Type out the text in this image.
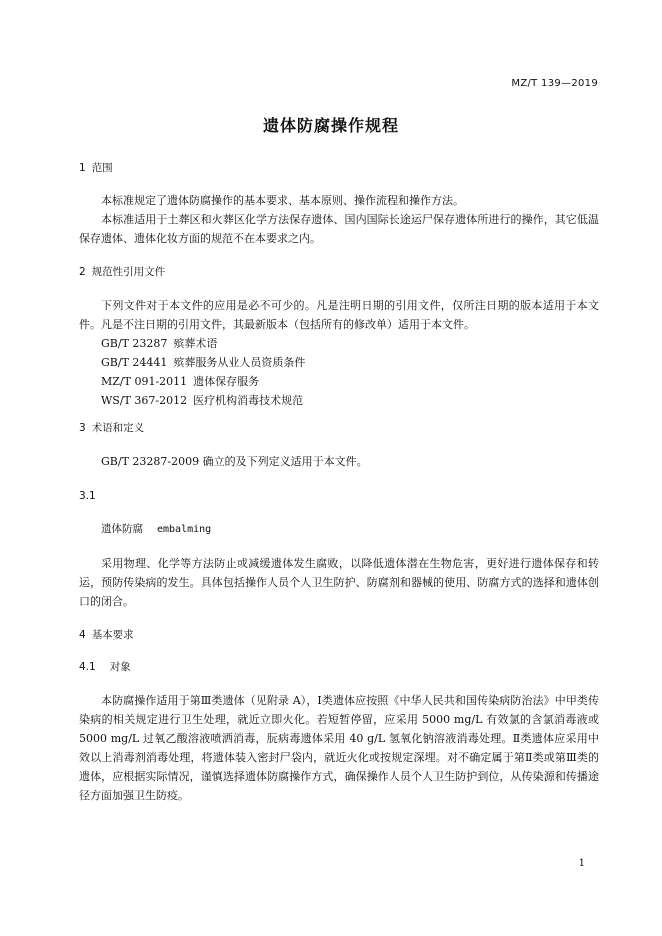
MZ/T 139—2019
遗体防腐操作规程
1 范围
本标准规定了遗体防腐操作的基本要求、基本原则、操作流程和操作方法。
本标准适用于土葬区和火葬区化学方法保存遗体、国内国际长途运尸保存遗体所进行的操作，其它低温保存遗体、遗体化妆方面的规范不在本要求之内。
2 规范性引用文件
下列文件对于本文件的应用是必不可少的。凡是注明日期的引用文件，仅所注日期的版本适用于本文件。凡是不注日期的引用文件，其最新版本（包括所有的修改单）适用于本文件。
GB/T 23287 殡葬术语
GB/T 24441 殡葬服务从业人员资质条件
MZ/T 091-2011 遗体保存服务
WS/T 367-2012 医疗机构消毒技术规范
3 术语和定义
GB/T 23287-2009 确立的及下列定义适用于本文件。
3.1
遗体防腐 embalming
采用物理、化学等方法防止或减缓遗体发生腐败，以降低遗体潜在生物危害，更好进行遗体保存和转运，预防传染病的发生。具体包括操作人员个人卫生防护、防腐剂和器械的使用、防腐方式的选择和遗体创口的闭合。
4 基本要求
4.1 对象
本防腐操作适用于第Ⅲ类遗体（见附录 A），Ⅰ类遗体应按照《中华人民共和国传染病防治法》中甲类传染病的相关规定进行卫生处理，就近立即火化。若短暂停留，应采用 5000 mg/L 有效氯的含氯消毒液或 5000 mg/L 过氧乙酸溶液喷洒消毒，朊病毒遗体采用 40 g/L 氢氧化钠溶液消毒处理。Ⅱ类遗体应采用中效以上消毒剂消毒处理，将遗体装入密封尸袋内，就近火化或按规定深埋。对不确定属于第Ⅱ类或第Ⅲ类的遗体，应根据实际情况，谨慎选择遗体防腐操作方式，确保操作人员个人卫生防护到位，从传染源和传播途径方面加强卫生防疫。
1
